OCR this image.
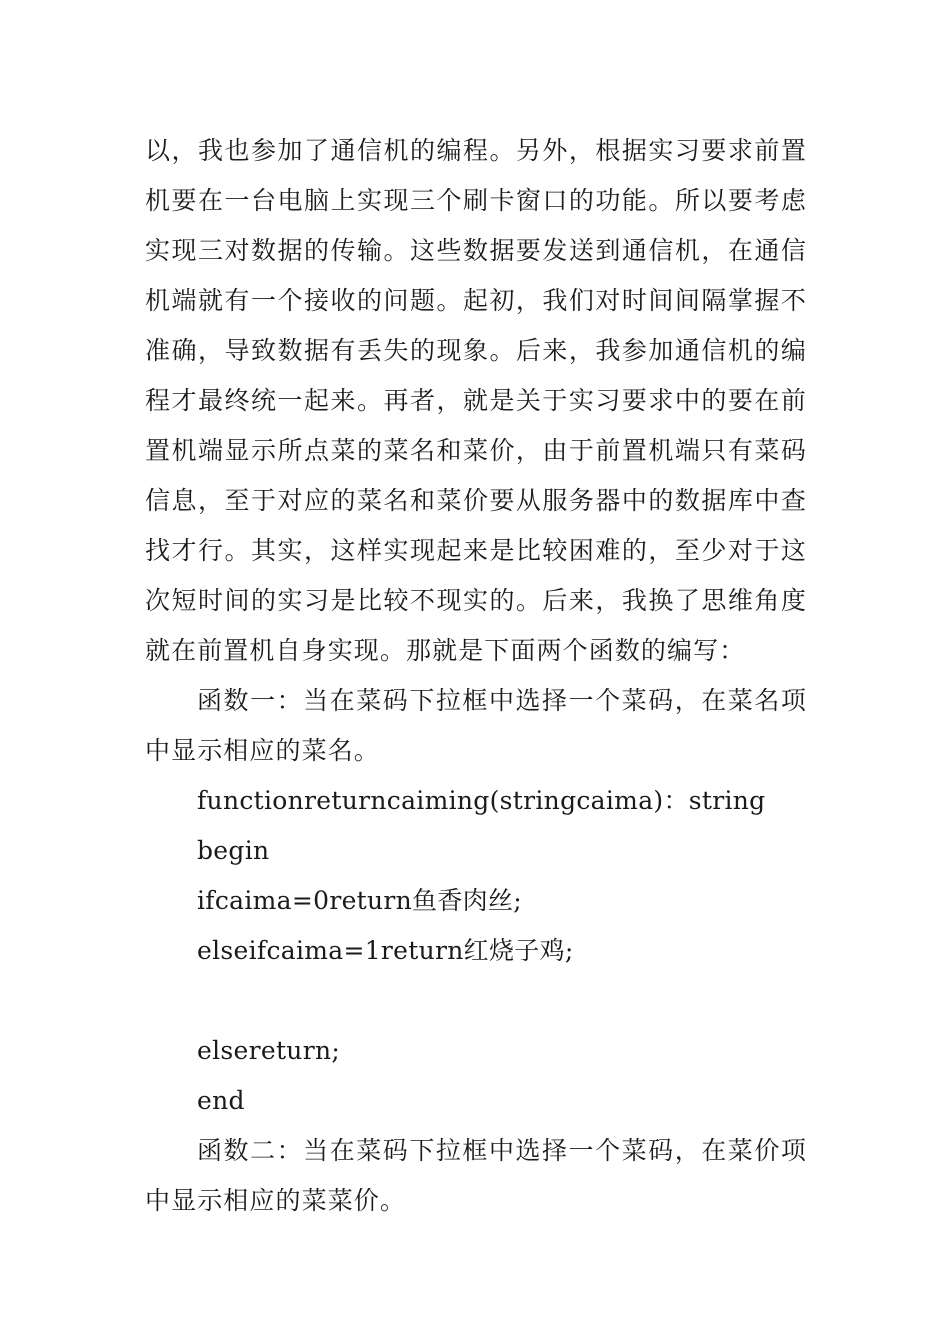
以，我也参加了通信机的编程。另外，根据实习要求前置机要在一台电脑上实现三个刷卡窗口的功能。所以要考虑实现三对数据的传输。这些数据要发送到通信机，在通信机端就有一个接收的问题。起初，我们对时间间隔掌握不准确，导致数据有丢失的现象。后来，我参加通信机的编程才最终统一起来。再者，就是关于实习要求中的要在前置机端显示所点菜的菜名和菜价，由于前置机端只有菜码信息，至于对应的菜名和菜价要从服务器中的数据库中查找才行。其实，这样实现起来是比较困难的，至少对于这次短时间的实习是比较不现实的。后来，我换了思维角度就在前置机自身实现。那就是下面两个函数的编写：

函数一：当在菜码下拉框中选择一个菜码，在菜名项中显示相应的菜名。

functionreturncaiming(stringcaima)：string
begin
ifcaima=0return鱼香肉丝;
elseifcaima=1return红烧子鸡;
elsereturn;
end

函数二：当在菜码下拉框中选择一个菜码，在菜价项中显示相应的菜菜价。
